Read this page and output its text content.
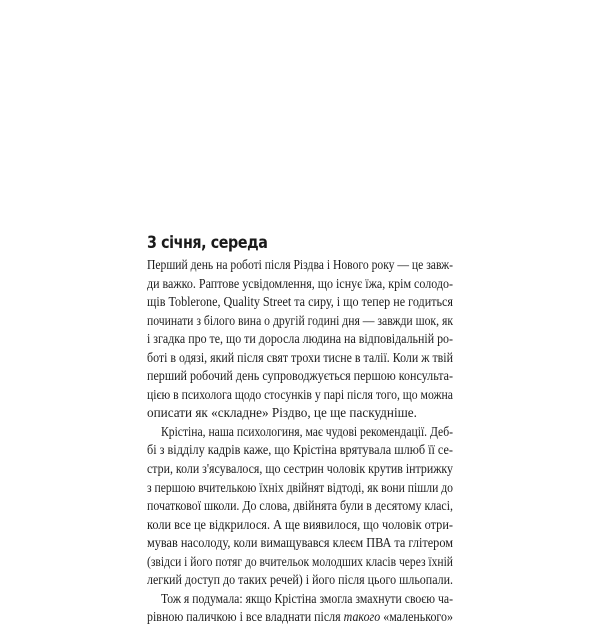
3 січня, середа

Перший день на роботі після Різдва і Нового року — це завж-
ди важко. Раптове усвідомлення, що існує їжа, крім солодо-
щів Toblerone, Quality Street та сиру, і що тепер не годиться
починати з білого вина о другій годині дня — завжди шок, як
і згадка про те, що ти доросла людина на відповідальній ро-
боті в одязі, який після свят трохи тисне в талії. Коли ж твій
перший робочий день супроводжується першою консульта-
цією в психолога щодо стосунків у парі після того, що можна
описати як «складне» Різдво, це ще паскудніше.

Крістіна, наша психологиня, має чудові рекомендації. Деб-
бі з відділу кадрів каже, що Крістіна врятувала шлюб її се-
стри, коли з'ясувалося, що сестрин чоловік крутив інтрижку
з першою вчителькою їхніх двійнят відтоді, як вони пішли до
початкової школи. До слова, двійнята були в десятому класі,
коли все це відкрилося. А ще виявилося, що чоловік отри-
мував насолоду, коли вимащувався клеєм ПВА та глітером
(звідси і його потяг до вчительок молодших класів через їхній
легкий доступ до таких речей) і його після цього шльопали.

Тож я подумала: якщо Крістіна змогла змахнути своєю ча-
рівною паличкою і все владнати після такого «маленького»
